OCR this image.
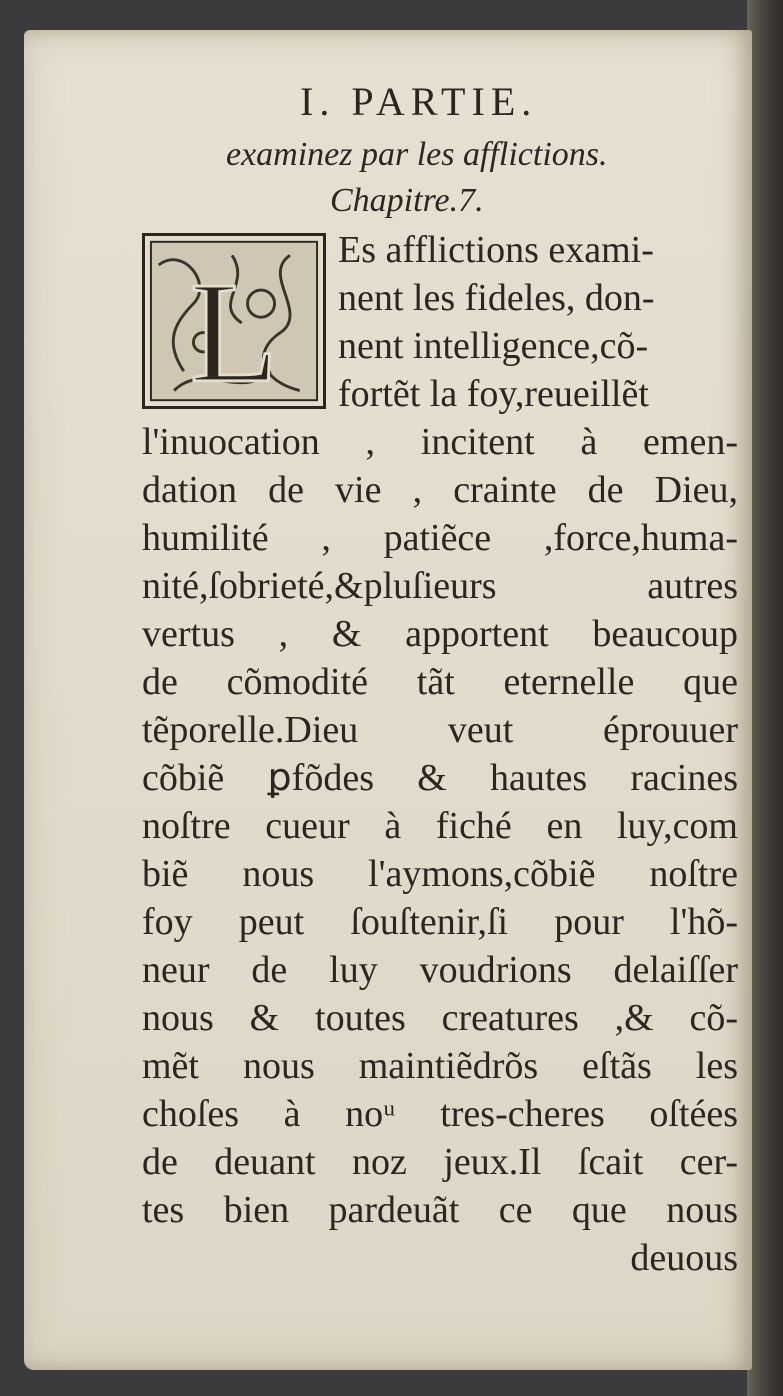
I. PARTIE.
examinez par les afflictions.
Chapitre.7.
L
Es afflictions exami-
nent les fideles, don-
nent intelligence,cõ-
fortẽt la foy,reueillẽt
l'inuocation , incitent à emen-
dation de vie , crainte de Dieu,
humilité , patiẽce ,force,huma-
nité,ſobrieté,&pluſieurs autres
vertus , & apportent beaucoup
de cõmodité tãt eternelle que
tẽporelle.Dieu veut éprouuer
cõbiẽ ꝑfõdes & hautes racines
noſtre cueur à fiché en luy,com
biẽ nous l'aymons,cõbiẽ noſtre
foy peut ſouſtenir,ſi pour l'hõ-
neur de luy voudrions delaiſſer
nous & toutes creatures ,& cõ-
mẽt nous maintiẽdrõs eſtãs les
choſes à noᵘ tres-cheres oſtées
de deuant noz jeux.Il ſcait cer-
tes bien pardeuãt ce que nous
deuous
